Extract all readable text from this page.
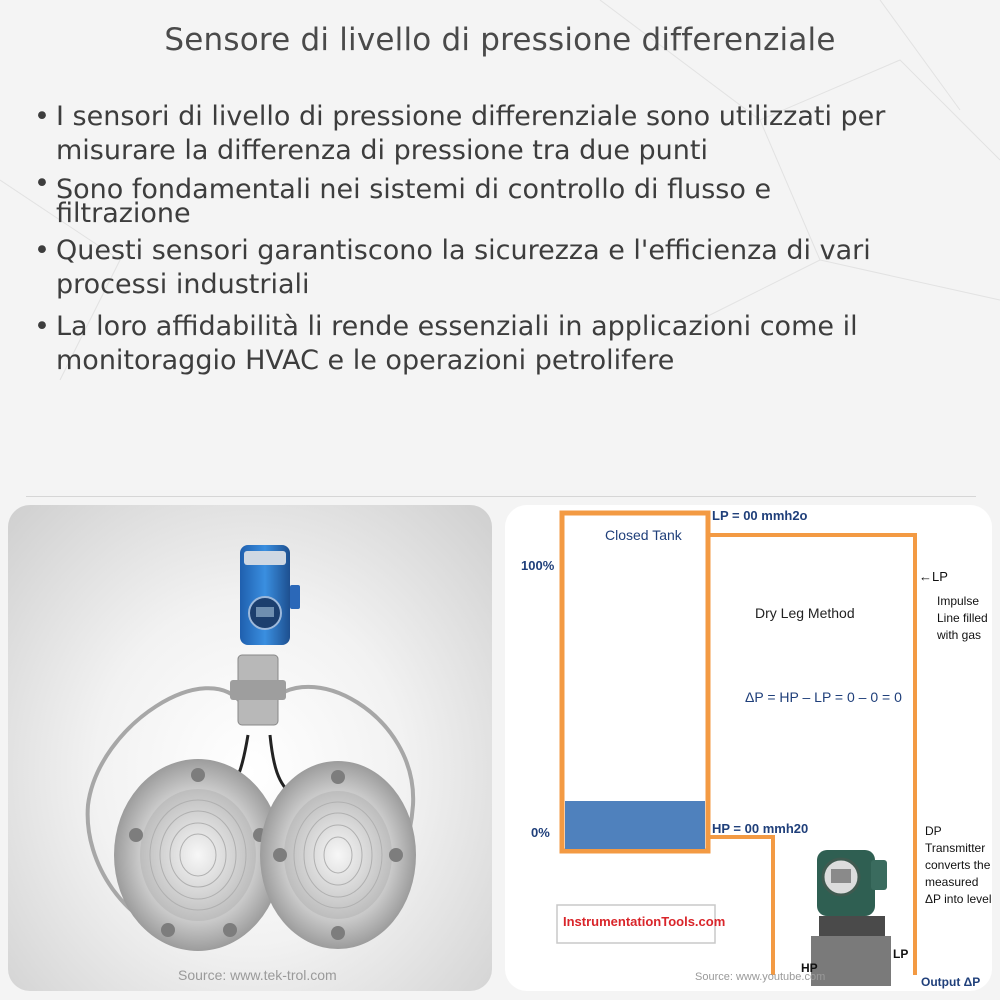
Sensore di livello di pressione differenziale
• I sensori di livello di pressione differenziale sono utilizzati per
misurare la differenza di pressione tra due punti
• Sono fondamentali nei sistemi di controllo di flusso e
filtrazione
• Questi sensori garantiscono la sicurezza e l'efficienza di vari
processi industriali
• La loro affidabilità li rende essenziali in applicazioni come il
monitoraggio HVAC e le operazioni petrolifere
Source: www.tek-trol.com
Closed Tank
100%
0%
LP = 00 mmh2o
HP = 00 mmh20
Dry Leg Method
ΔP = HP – LP = 0 – 0 = 0
←LP
Impulse
Line filled
with gas
DP
Transmitter
converts the
measured
ΔP into level
HP
LP
Output ΔP
InstrumentationTools.com
Source: www.youtube.com
